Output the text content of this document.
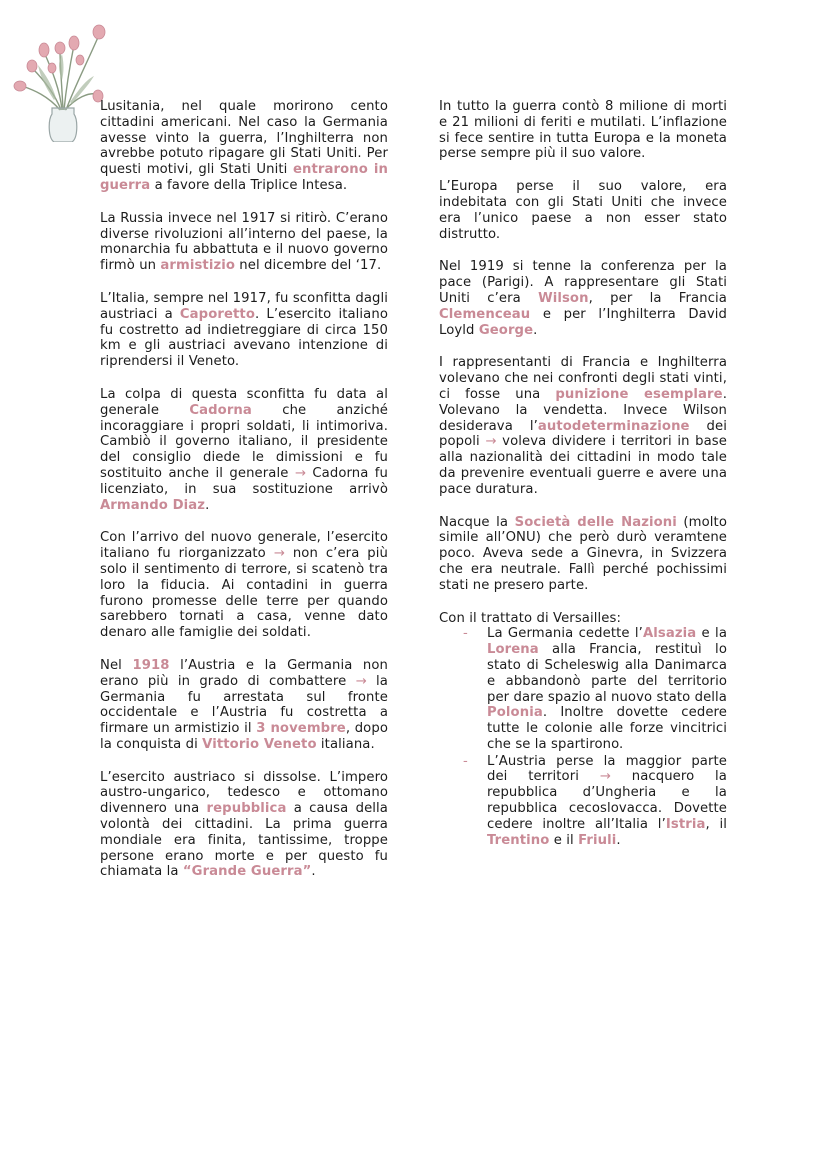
Lusitania, nel quale morirono cento cittadini americani. Nel caso la Germania avesse vinto la guerra, l’Inghilterra non avrebbe potuto ripagare gli Stati Uniti. Per questi motivi, gli Stati Uniti entrarono in guerra a favore della Triplice Intesa.

La Russia invece nel 1917 si ritirò. C’erano diverse rivoluzioni all’interno del paese, la monarchia fu abbattuta e il nuovo governo firmò un armistizio nel dicembre del ‘17.

L’Italia, sempre nel 1917, fu sconfitta dagli austriaci a Caporetto. L’esercito italiano fu costretto ad indietreggiare di circa 150 km e gli austriaci avevano intenzione di riprendersi il Veneto.

La colpa di questa sconfitta fu data al generale Cadorna che anziché incoraggiare i propri soldati, li intimoriva. Cambiò il governo italiano, il presidente del consiglio diede le dimissioni e fu sostituito anche il generale → Cadorna fu licenziato, in sua sostituzione arrivò Armando Diaz.

Con l’arrivo del nuovo generale, l’esercito italiano fu riorganizzato → non c’era più solo il sentimento di terrore, si scatenò tra loro la fiducia. Ai contadini in guerra furono promesse delle terre per quando sarebbero tornati a casa, venne dato denaro alle famiglie dei soldati.

Nel 1918 l’Austria e la Germania non erano più in grado di combattere → la Germania fu arrestata sul fronte occidentale e l’Austria fu costretta a firmare un armistizio il 3 novembre, dopo la conquista di Vittorio Veneto italiana.

L’esercito austriaco si dissolse. L’impero austro-ungarico, tedesco e ottomano divennero una repubblica a causa della volontà dei cittadini. La prima guerra mondiale era finita, tantissime, troppe persone erano morte e per questo fu chiamata la “Grande Guerra”.

In tutto la guerra contò 8 milione di morti e 21 milioni di feriti e mutilati. L’inflazione si fece sentire in tutta Europa e la moneta perse sempre più il suo valore.

L’Europa perse il suo valore, era indebitata con gli Stati Uniti che invece era l’unico paese a non esser stato distrutto.

Nel 1919 si tenne la conferenza per la pace (Parigi). A rappresentare gli Stati Uniti c’era Wilson, per la Francia Clemenceau e per l’Inghilterra David Loyld George.

I rappresentanti di Francia e Inghilterra volevano che nei confronti degli stati vinti, ci fosse una punizione esemplare. Volevano la vendetta. Invece Wilson desiderava l’autodeterminazione dei popoli → voleva dividere i territori in base alla nazionalità dei cittadini in modo tale da prevenire eventuali guerre e avere una pace duratura.

Nacque la Società delle Nazioni (molto simile all’ONU) che però durò veramtene poco. Aveva sede a Ginevra, in Svizzera che era neutrale. Fallì perché pochissimi stati ne presero parte.

Con il trattato di Versailles:

- La Germania cedette l’Alsazia e la Lorena alla Francia, restituì lo stato di Scheleswig alla Danimarca e abbandonò parte del territorio per dare spazio al nuovo stato della Polonia. Inoltre dovette cedere tutte le colonie alle forze vincitrici che se la spartirono.
- L’Austria perse la maggior parte dei territori → nacquero la repubblica d’Ungheria e la repubblica cecoslovacca. Dovette cedere inoltre all’Italia l’Istria, il Trentino e il Friuli.
